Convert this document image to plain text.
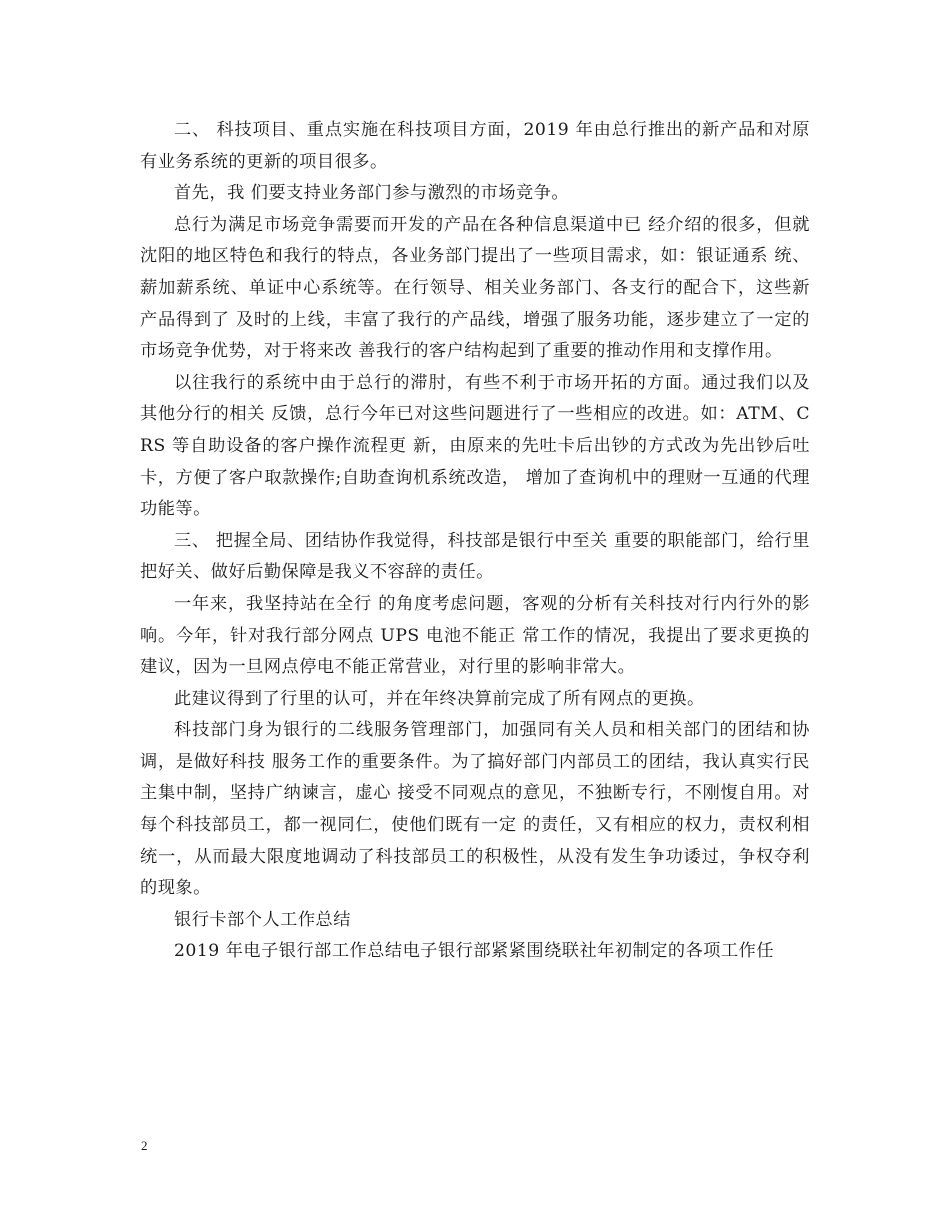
二、 科技项目、重点实施在科技项目方面，2019 年由总行推出的新产品和对原有业务系统的更新的项目很多。

首先，我 们要支持业务部门参与激烈的市场竞争。

总行为满足市场竞争需要而开发的产品在各种信息渠道中已 经介绍的很多，但就沈阳的地区特色和我行的特点，各业务部门提出了一些项目需求，如：银证通系 统、薪加薪系统、单证中心系统等。在行领导、相关业务部门、各支行的配合下，这些新产品得到了 及时的上线，丰富了我行的产品线，增强了服务功能，逐步建立了一定的市场竞争优势，对于将来改 善我行的客户结构起到了重要的推动作用和支撑作用。

以往我行的系统中由于总行的滞肘，有些不利于市场开拓的方面。通过我们以及其他分行的相关 反馈，总行今年已对这些问题进行了一些相应的改进。如：ATM、CRS 等自助设备的客户操作流程更 新，由原来的先吐卡后出钞的方式改为先出钞后吐卡，方便了客户取款操作;自助查询机系统改造， 增加了查询机中的理财一互通的代理功能等。

三、 把握全局、团结协作我觉得，科技部是银行中至关 重要的职能部门，给行里把好关、做好后勤保障是我义不容辞的责任。

一年来，我坚持站在全行 的角度考虑问题，客观的分析有关科技对行内行外的影响。今年，针对我行部分网点 UPS 电池不能正 常工作的情况，我提出了要求更换的建议，因为一旦网点停电不能正常营业，对行里的影响非常大。

此建议得到了行里的认可，并在年终决算前完成了所有网点的更换。

科技部门身为银行的二线服务管理部门，加强同有关人员和相关部门的团结和协调，是做好科技 服务工作的重要条件。为了搞好部门内部员工的团结，我认真实行民主集中制，坚持广纳谏言，虚心 接受不同观点的意见，不独断专行，不刚愎自用。对每个科技部员工，都一视同仁，使他们既有一定 的责任，又有相应的权力，责权利相统一，从而最大限度地调动了科技部员工的积极性，从没有发生争功诿过，争权夺利的现象。

银行卡部个人工作总结

2019 年电子银行部工作总结电子银行部紧紧围绕联社年初制定的各项工作任

2
